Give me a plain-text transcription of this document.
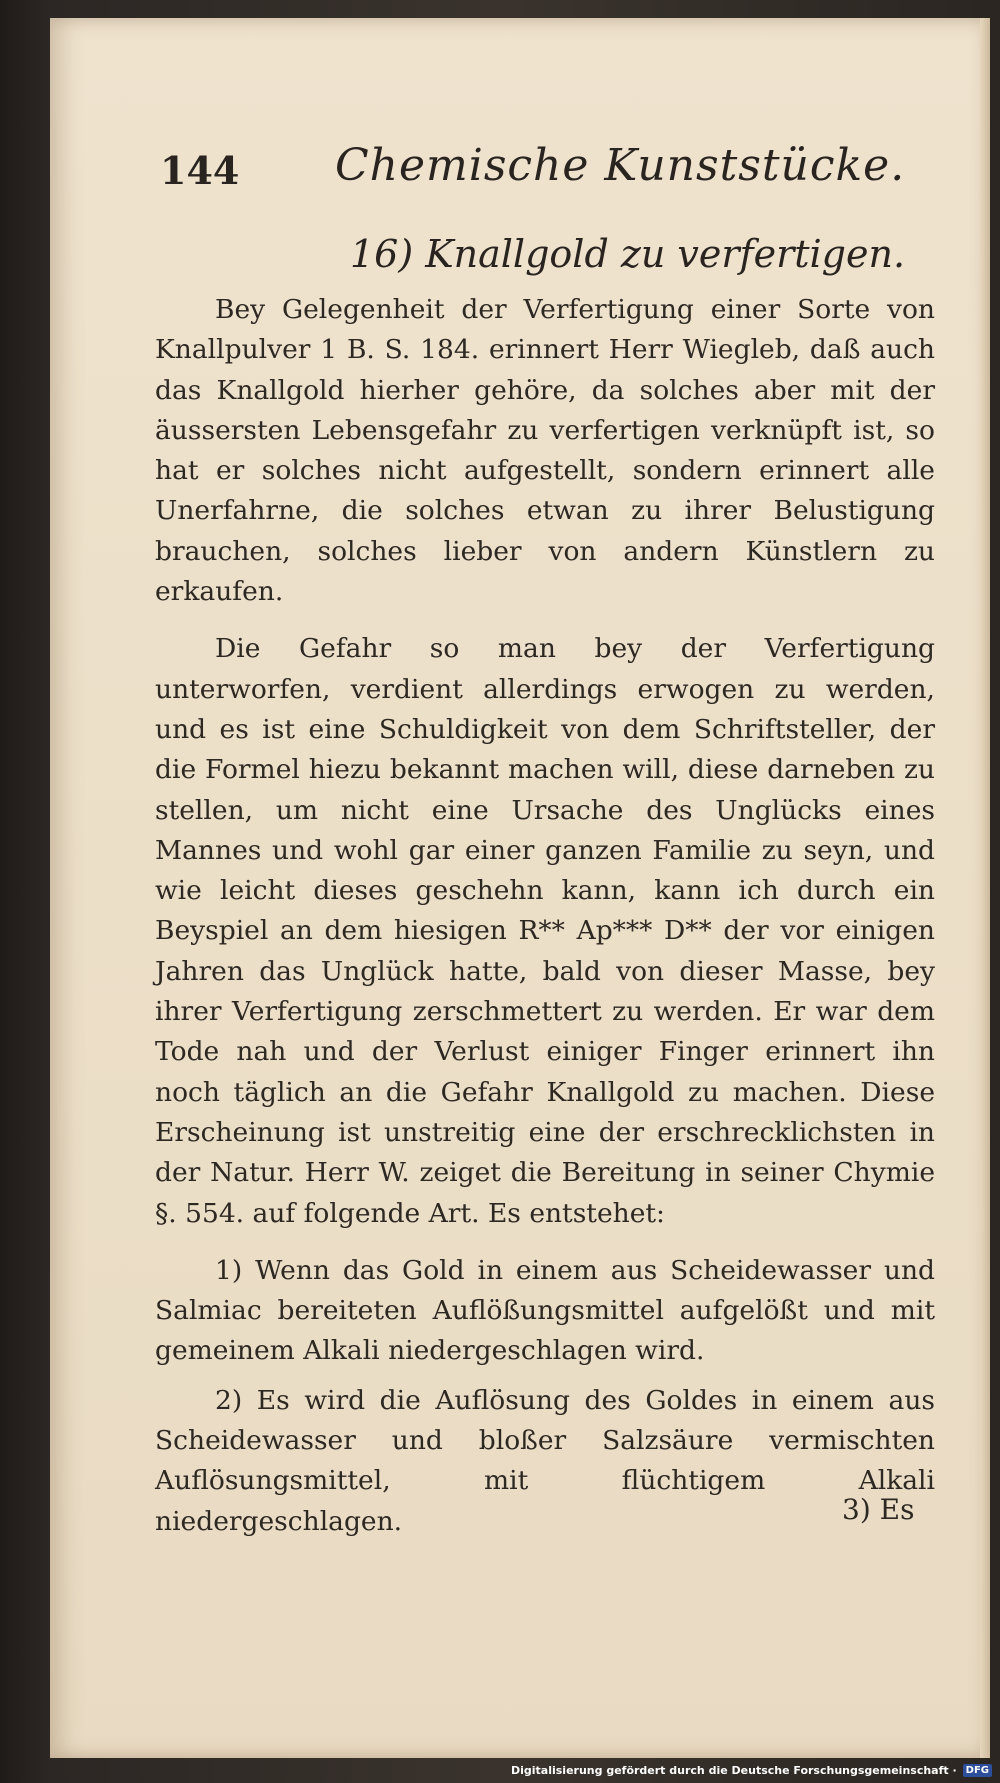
144 Chemische Kunststücke.
16) Knallgold zu verfertigen.

Bey Gelegenheit der Verfertigung einer Sorte von Knallpulver 1 B. S. 184. erinnert Herr Wiegleb, daß auch das Knallgold hierher gehöre, da solches aber mit der äussersten Lebensgefahr zu verfertigen verknüpft ist, so hat er solches nicht aufgestellt, sondern erinnert alle Unerfahrne, die solches etwan zu ihrer Belustigung brauchen, solches lieber von andern Künstlern zu erkaufen.

Die Gefahr so man bey der Verfertigung unterworfen, verdient allerdings erwogen zu werden, und es ist eine Schuldigkeit von dem Schriftsteller, der die Formel hiezu bekannt machen will, diese darneben zu stellen, um nicht eine Ursache des Unglücks eines Mannes und wohl gar einer ganzen Familie zu seyn, und wie leicht dieses geschehn kann, kann ich durch ein Beyspiel an dem hiesigen R** Ap*** D** der vor einigen Jahren das Unglück hatte, bald von dieser Masse, bey ihrer Verfertigung zerschmettert zu werden. Er war dem Tode nah und der Verlust einiger Finger erinnert ihn noch täglich an die Gefahr Knallgold zu machen. Diese Erscheinung ist unstreitig eine der erschrecklichsten in der Natur. Herr W. zeiget die Bereitung in seiner Chymie §. 554. auf folgende Art. Es entstehet:

1) Wenn das Gold in einem aus Scheidewasser und Salmiac bereiteten Auflößungsmittel aufgelößt und mit gemeinem Alkali niedergeschlagen wird.

2) Es wird die Auflösung des Goldes in einem aus Scheidewasser und bloßer Salzsäure vermischten Auflösungsmittel, mit flüchtigem Alkali niedergeschlagen.	3) Es
Digitalisierung gefördert durch die Deutsche Forschungsgemeinschaft · DFG
